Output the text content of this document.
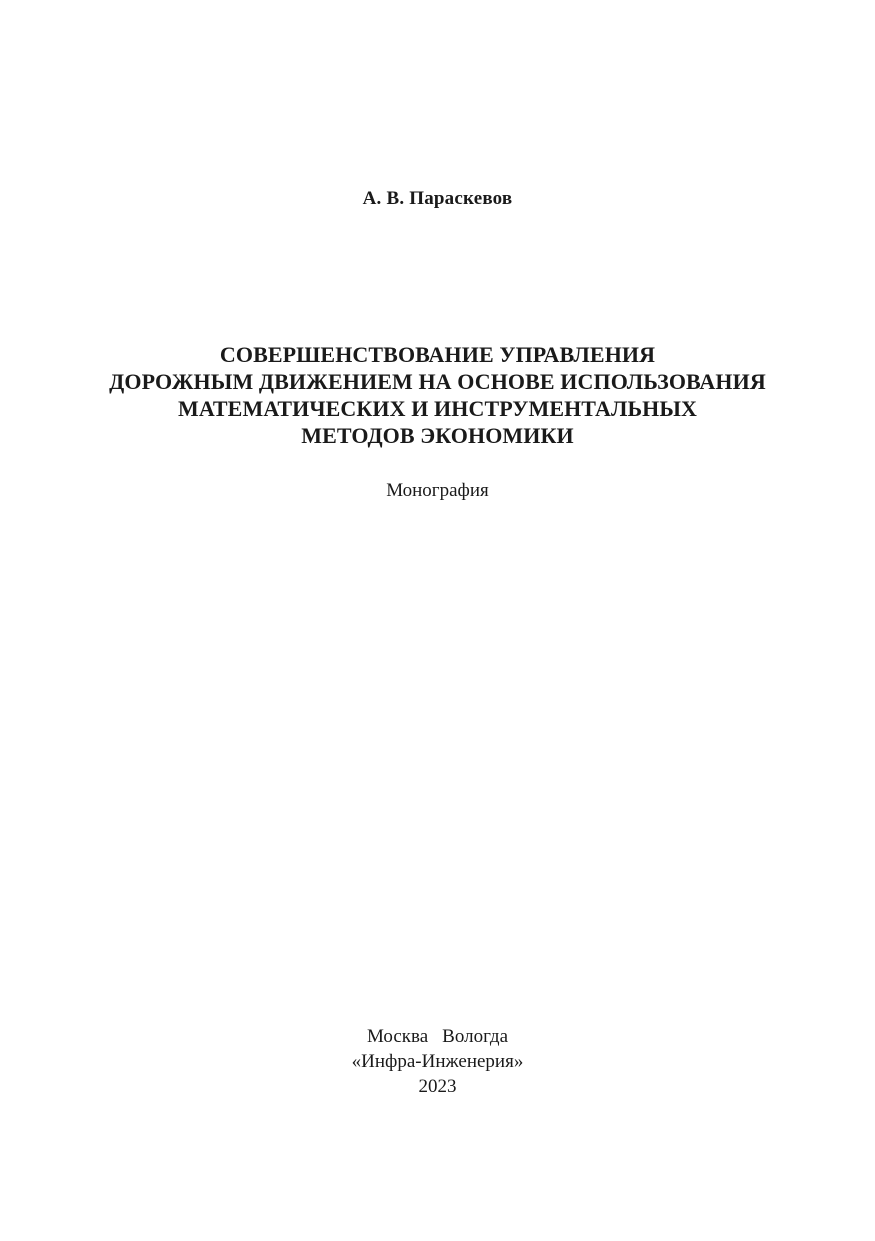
А. В. Параскевов
СОВЕРШЕНСТВОВАНИЕ УПРАВЛЕНИЯ
ДОРОЖНЫМ ДВИЖЕНИЕМ НА ОСНОВЕ ИСПОЛЬЗОВАНИЯ
МАТЕМАТИЧЕСКИХ И ИНСТРУМЕНТАЛЬНЫХ
МЕТОДОВ ЭКОНОМИКИ
Монография
Москва Вологда
«Инфра-Инженерия»
2023
